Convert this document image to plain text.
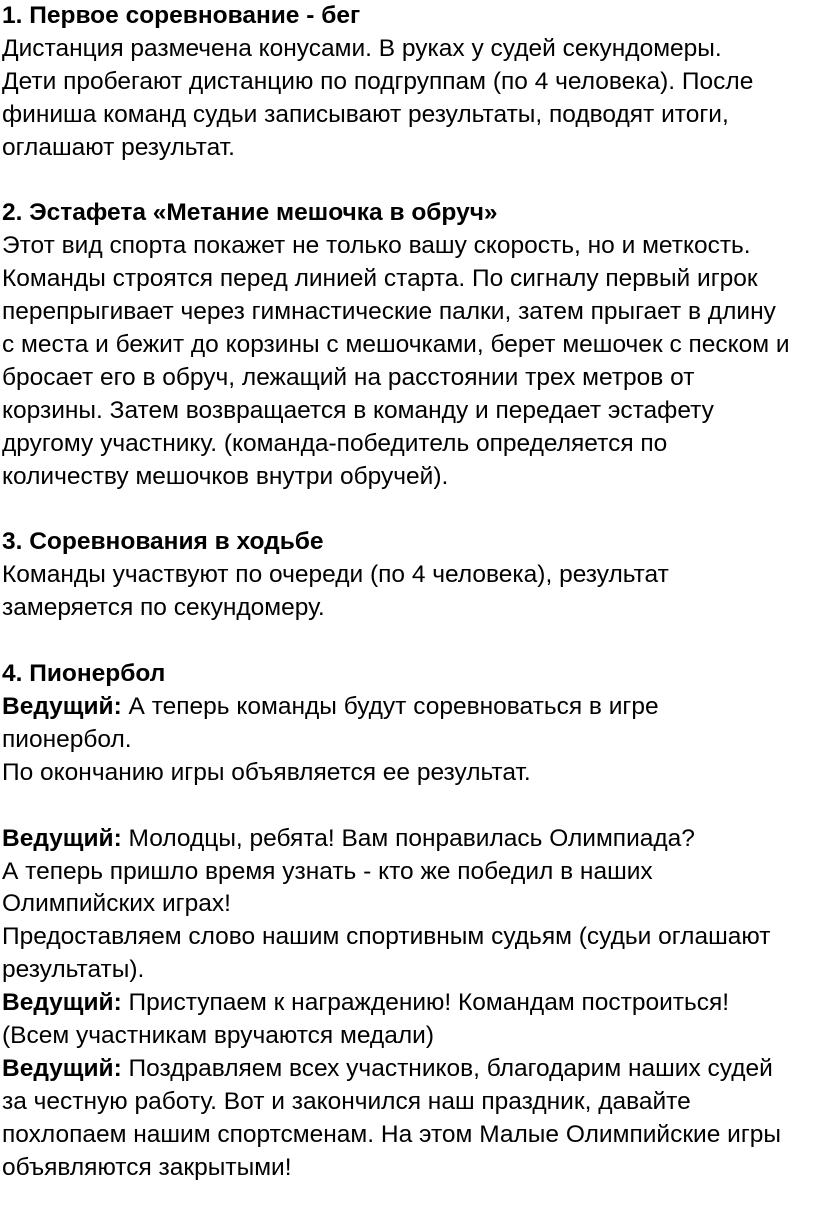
1. Первое соревнование - бег

Дистанция размечена конусами. В руках у судей секундомеры.

Дети пробегают дистанцию по подгруппам (по 4 человека). После

финиша команд судьи записывают результаты, подводят итоги,

оглашают результат.

2. Эстафета «Метание мешочка в обруч»

Этот вид спорта покажет не только вашу скорость, но и меткость.

Команды строятся перед линией старта. По сигналу первый игрок

перепрыгивает через гимнастические палки, затем прыгает в длину

с места и бежит до корзины с мешочками, берет мешочек с песком и

бросает его в обруч, лежащий на расстоянии трех метров от

корзины. Затем возвращается в команду и передает эстафету

другому участнику. (команда-победитель определяется по

количеству мешочков внутри обручей).

3. Соревнования в ходьбе

Команды участвуют по очереди (по 4 человека), результат

замеряется по секундомеру.

4. Пионербол

Ведущий: А теперь команды будут соревноваться в игре

пионербол.

По окончанию игры объявляется ее результат.

Ведущий: Молодцы, ребята! Вам понравилась Олимпиада?

А теперь пришло время узнать - кто же победил в наших

Олимпийских играх!

Предоставляем слово нашим спортивным судьям (судьи оглашают

результаты).

Ведущий: Приступаем к награждению! Командам построиться!

(Всем участникам вручаются медали)

Ведущий: Поздравляем всех участников, благодарим наших судей

за честную работу. Вот и закончился наш праздник, давайте

похлопаем нашим спортсменам. На этом Малые Олимпийские игры

объявляются закрытыми!
